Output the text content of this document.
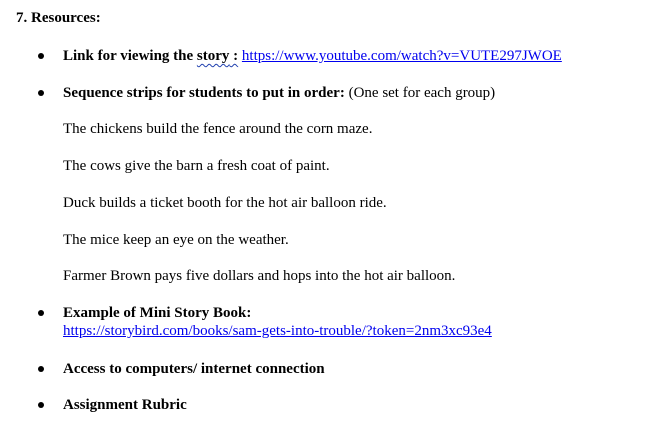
7. Resources:
Link for viewing the story : https://www.youtube.com/watch?v=VUTE297JWOE
Sequence strips for students to put in order: (One set for each group)
The chickens build the fence around the corn maze.
The cows give the barn a fresh coat of paint.
Duck builds a ticket booth for the hot air balloon ride.
The mice keep an eye on the weather.
Farmer Brown pays five dollars and hops into the hot air balloon.
Example of Mini Story Book:
https://storybird.com/books/sam-gets-into-trouble/?token=2nm3xc93e4
Access to computers/ internet connection
Assignment Rubric
